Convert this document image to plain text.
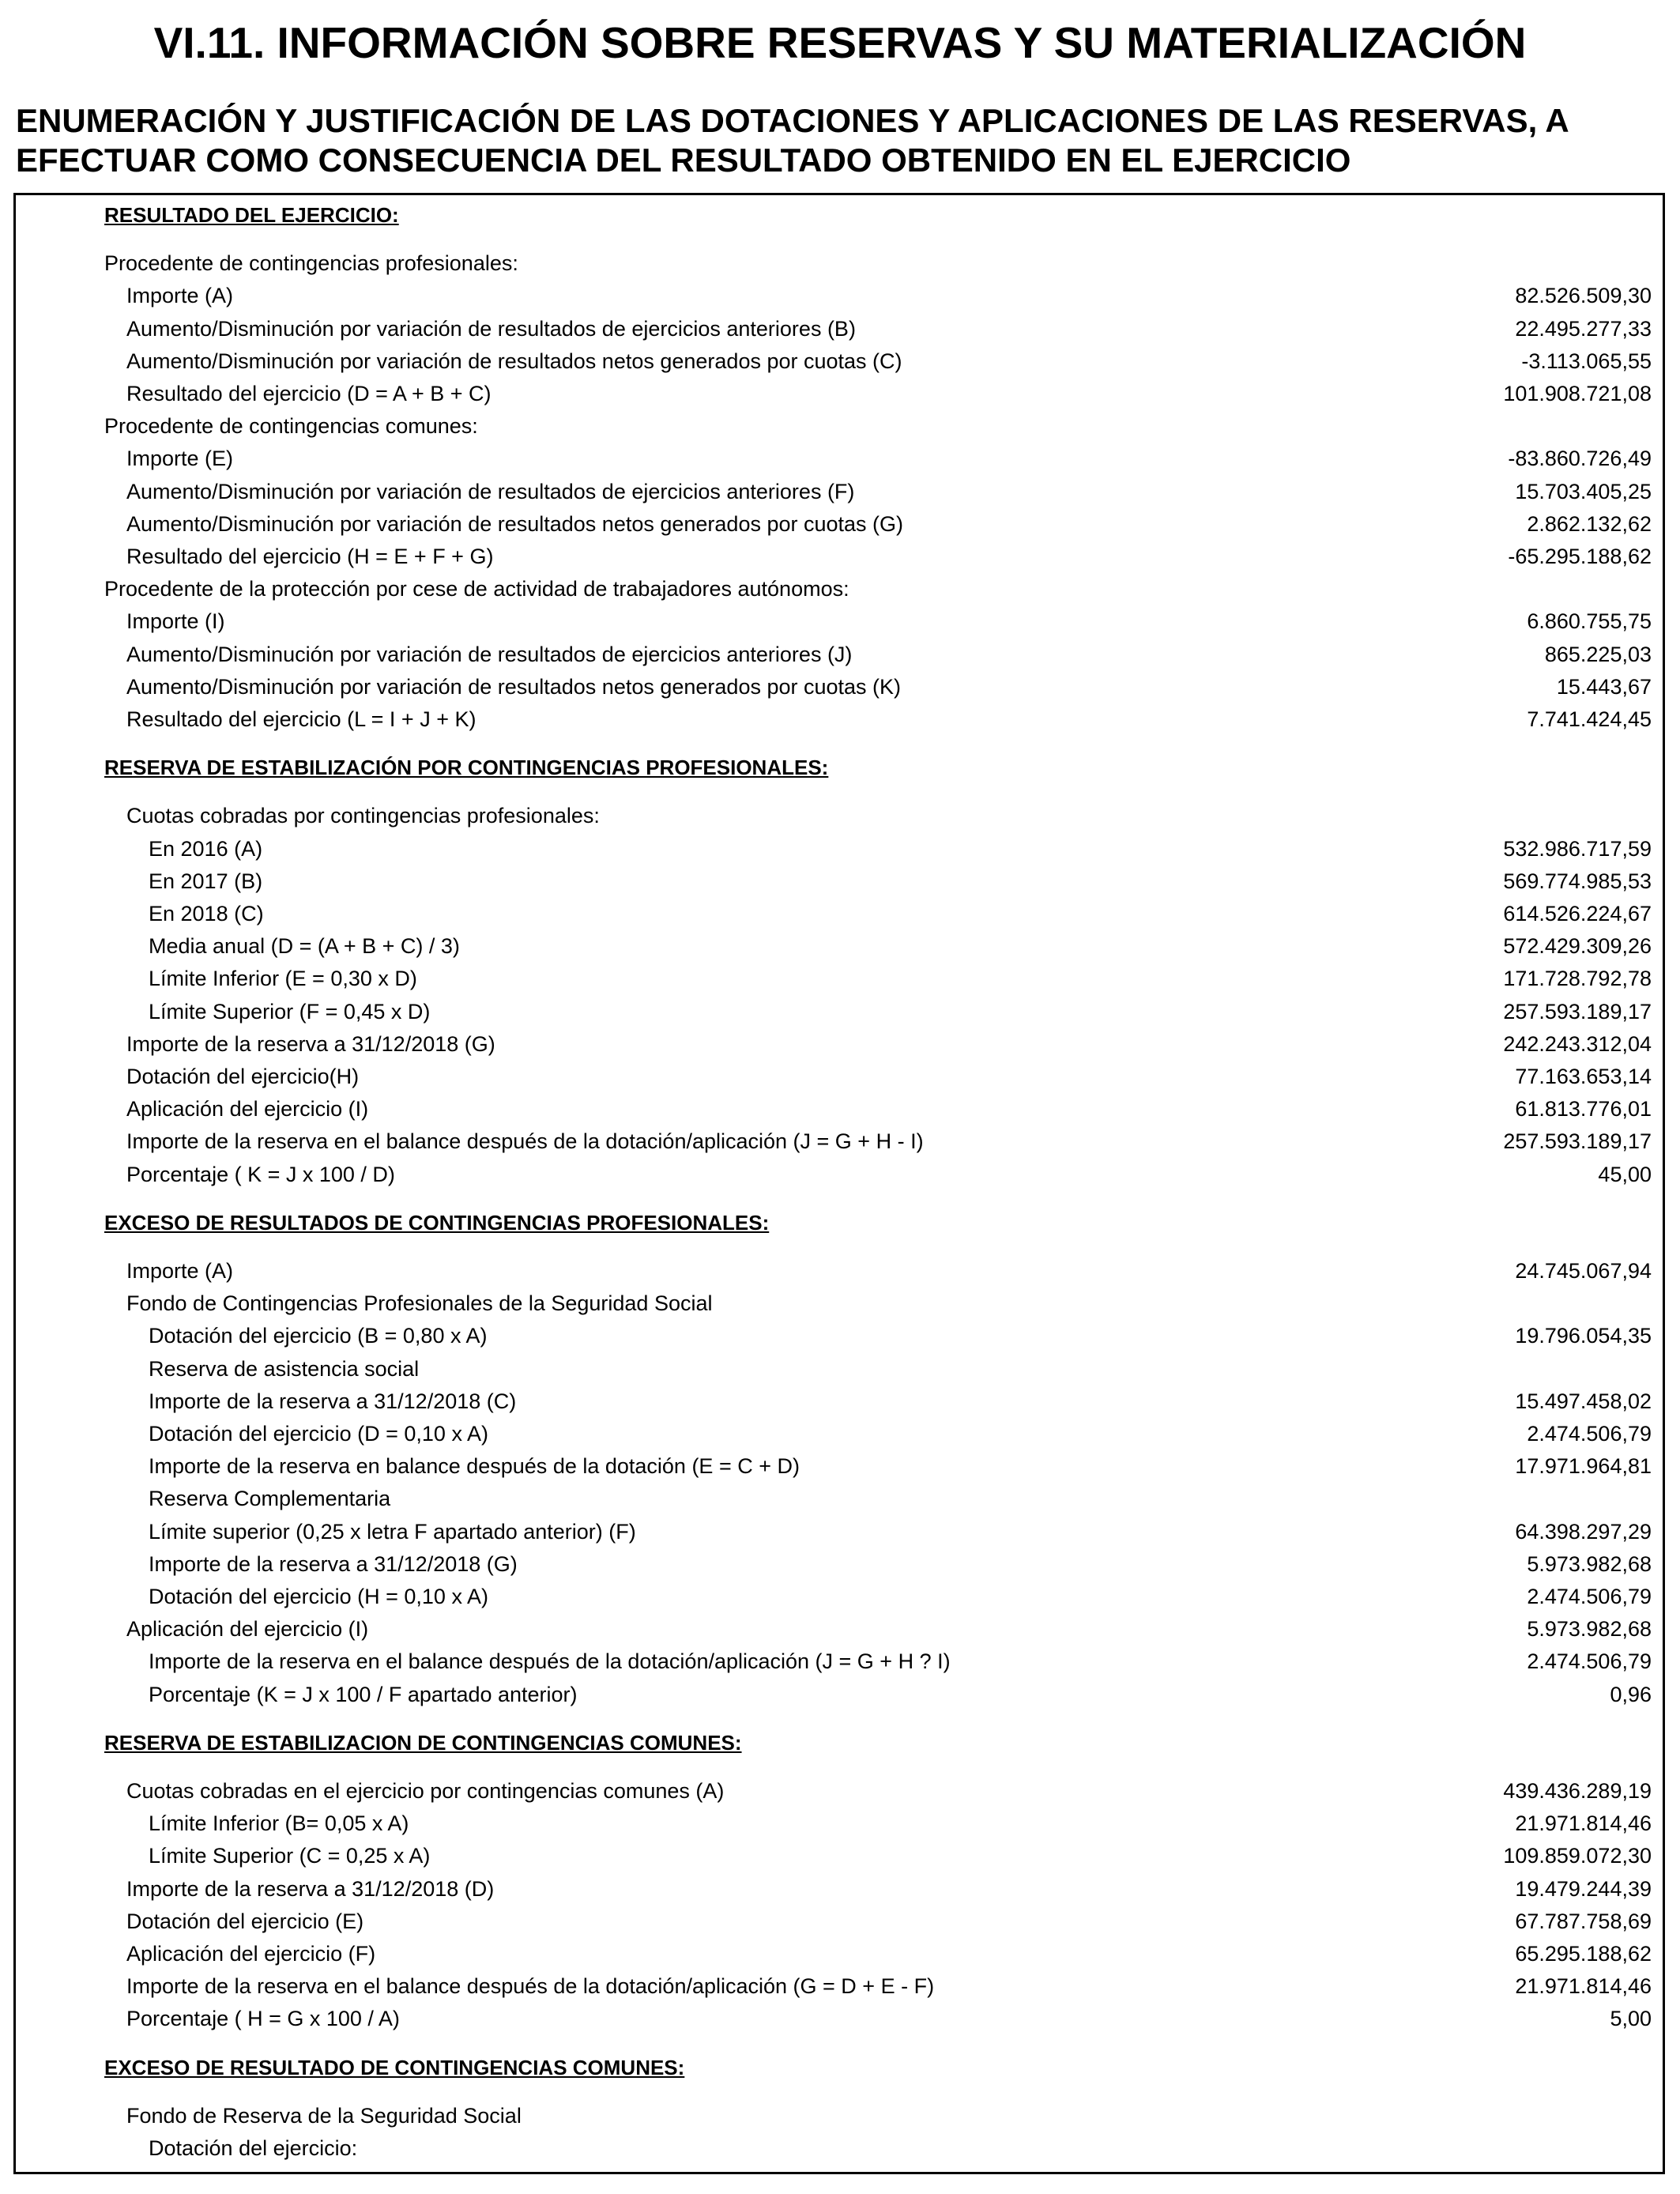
VI.11. INFORMACIÓN SOBRE RESERVAS Y SU MATERIALIZACIÓN
ENUMERACIÓN Y JUSTIFICACIÓN DE LAS DOTACIONES Y APLICACIONES DE LAS RESERVAS, A
EFECTUAR COMO CONSECUENCIA DEL RESULTADO OBTENIDO EN EL EJERCICIO
RESULTADO DEL EJERCICIO:
Procedente de contingencias profesionales:
Importe (A)	82.526.509,30
Aumento/Disminución por variación de resultados de ejercicios anteriores (B)	22.495.277,33
Aumento/Disminución por variación de resultados netos generados por cuotas (C)	-3.113.065,55
Resultado del ejercicio (D = A + B + C)	101.908.721,08
Procedente de contingencias comunes:
Importe (E)	-83.860.726,49
Aumento/Disminución por variación de resultados de ejercicios anteriores (F)	15.703.405,25
Aumento/Disminución por variación de resultados netos generados por cuotas (G)	2.862.132,62
Resultado del ejercicio (H = E + F + G)	-65.295.188,62
Procedente de la protección por cese de actividad de trabajadores autónomos:
Importe (I)	6.860.755,75
Aumento/Disminución por variación de resultados de ejercicios anteriores (J)	865.225,03
Aumento/Disminución por variación de resultados netos generados por cuotas (K)	15.443,67
Resultado del ejercicio (L = I + J + K)	7.741.424,45
RESERVA DE ESTABILIZACIÓN POR CONTINGENCIAS PROFESIONALES:
Cuotas cobradas por contingencias profesionales:
En 2016 (A)	532.986.717,59
En 2017 (B)	569.774.985,53
En 2018 (C)	614.526.224,67
Media anual (D = (A + B + C) / 3)	572.429.309,26
Límite Inferior (E = 0,30 x D)	171.728.792,78
Límite Superior (F = 0,45 x D)	257.593.189,17
Importe de la reserva a 31/12/2018 (G)	242.243.312,04
Dotación del ejercicio(H)	77.163.653,14
Aplicación del ejercicio (I)	61.813.776,01
Importe de la reserva en el balance después de la dotación/aplicación (J = G + H - I)	257.593.189,17
Porcentaje ( K = J x 100 / D)	45,00
EXCESO DE RESULTADOS DE CONTINGENCIAS PROFESIONALES:
Importe (A)	24.745.067,94
Fondo de Contingencias Profesionales de la Seguridad Social
Dotación del ejercicio (B = 0,80 x A)	19.796.054,35
Reserva de asistencia social
Importe de la reserva a 31/12/2018 (C)	15.497.458,02
Dotación del ejercicio (D = 0,10 x A)	2.474.506,79
Importe de la reserva en balance después de la dotación (E = C + D)	17.971.964,81
Reserva Complementaria
Límite superior (0,25 x letra F apartado anterior) (F)	64.398.297,29
Importe de la reserva a 31/12/2018 (G)	5.973.982,68
Dotación del ejercicio (H = 0,10 x A)	2.474.506,79
Aplicación del ejercicio (I)	5.973.982,68
Importe de la reserva en el balance después de la dotación/aplicación (J = G + H ? I)	2.474.506,79
Porcentaje (K = J x 100 / F apartado anterior)	0,96
RESERVA DE ESTABILIZACION DE CONTINGENCIAS COMUNES:
Cuotas cobradas en el ejercicio por contingencias comunes (A)	439.436.289,19
Límite Inferior (B= 0,05 x A)	21.971.814,46
Límite Superior (C = 0,25 x A)	109.859.072,30
Importe de la reserva a 31/12/2018 (D)	19.479.244,39
Dotación del ejercicio (E)	67.787.758,69
Aplicación del ejercicio (F)	65.295.188,62
Importe de la reserva en el balance después de la dotación/aplicación (G = D + E - F)	21.971.814,46
Porcentaje ( H = G x 100 / A)	5,00
EXCESO DE RESULTADO DE CONTINGENCIAS COMUNES:
Fondo de Reserva de la Seguridad Social
Dotación del ejercicio:
